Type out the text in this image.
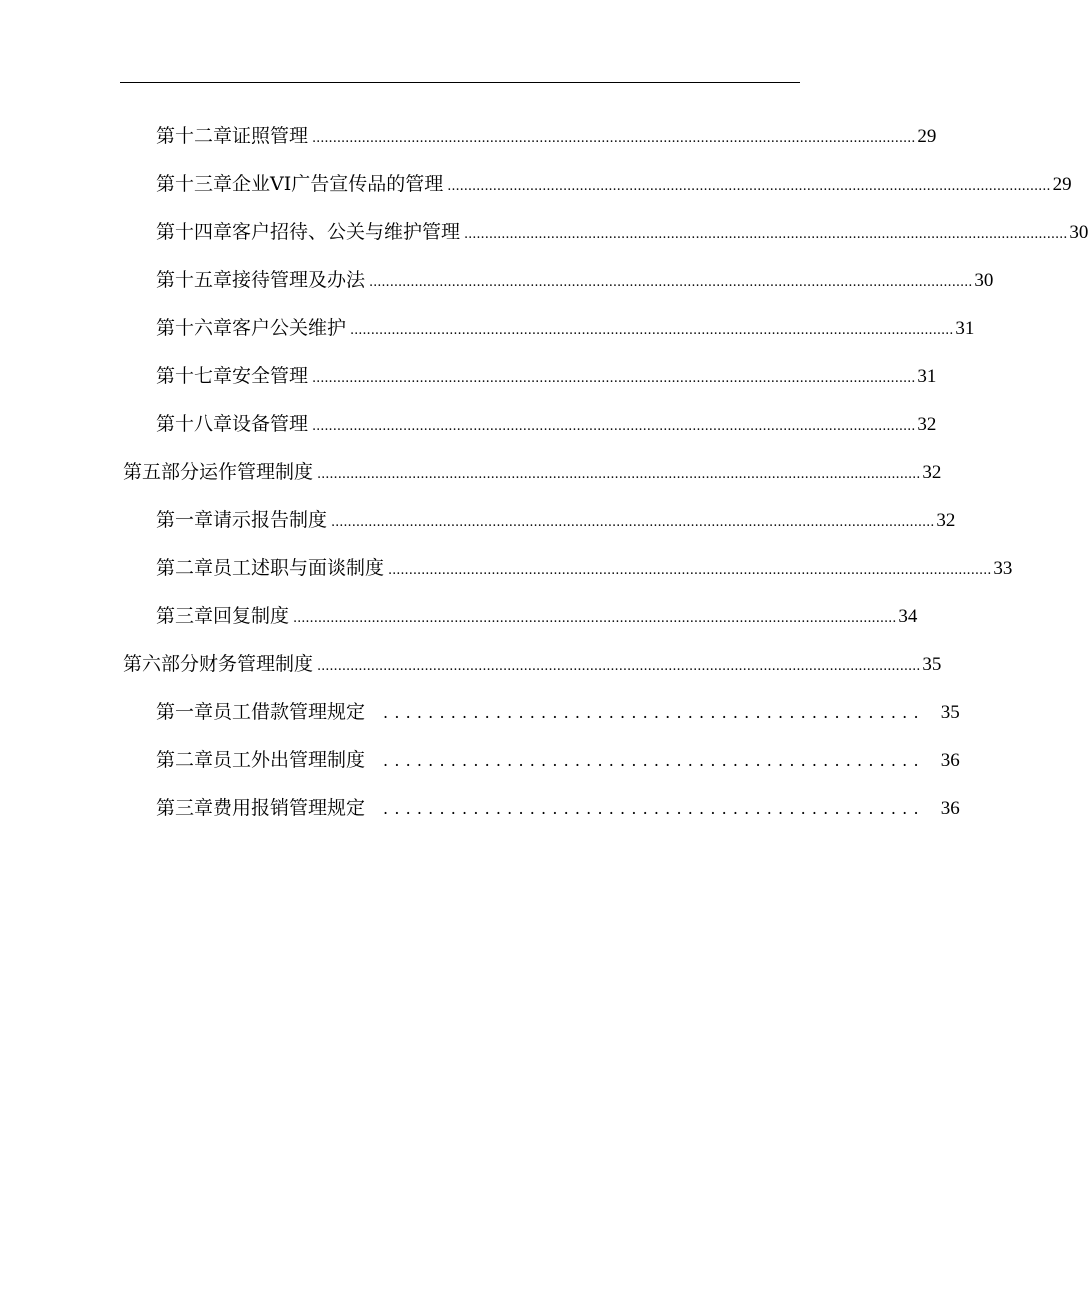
第十二章 证照管理 .................................................................................................................................................. 29
第十三章 企业VI广告宣传品的管理 .................................................................................................................................................. 29
第十四章 客户招待、公关与维护管理 .................................................................................................................................................. 30
第十五章 接待管理及办法 .................................................................................................................................................. 30
第十六章 客户公关维护 .................................................................................................................................................. 31
第十七章 安全管理 .................................................................................................................................................. 31
第十八章 设备管理 .................................................................................................................................................. 32
第五部分 运作管理制度 .................................................................................................................................................. 32
第一章 请示报告制度 .................................................................................................................................................. 32
第二章 员工述职与面谈制度 .................................................................................................................................................. 33
第三章 回复制度 .................................................................................................................................................. 34
第六部分 财务管理制度 .................................................................................................................................................. 35
第一章 员工借款管理规定 ................................................ 35
第二章 员工外出管理制度 ................................................ 36
第三章 费用报销管理规定 ................................................ 36
